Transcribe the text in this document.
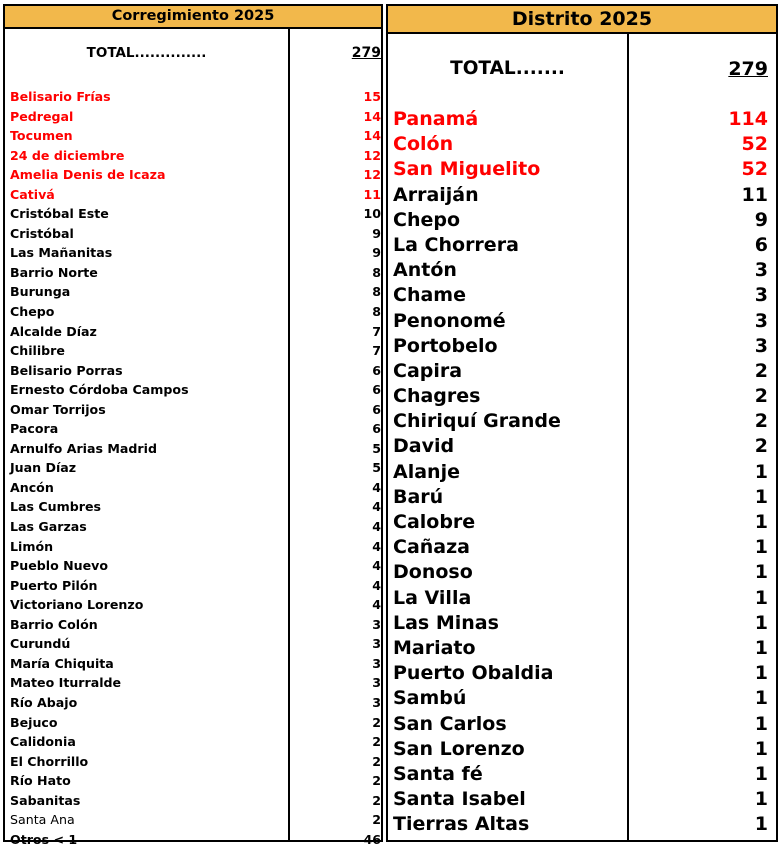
Corregimiento 2025
TOTAL..............	279
Belisario Frías	15
Pedregal	14
Tocumen	14
24 de diciembre	12
Amelia Denis de Icaza	12
Cativá	11
Cristóbal Este	10
Cristóbal	9
Las Mañanitas	9
Barrio Norte	8
Burunga	8
Chepo	8
Alcalde Díaz	7
Chilibre	7
Belisario Porras	6
Ernesto Córdoba Campos	6
Omar Torrijos	6
Pacora	6
Arnulfo Arias Madrid	5
Juan Díaz	5
Ancón	4
Las Cumbres	4
Las Garzas	4
Limón	4
Pueblo Nuevo	4
Puerto Pilón	4
Victoriano Lorenzo	4
Barrio Colón	3
Curundú	3
María Chiquita	3
Mateo Iturralde	3
Río Abajo	3
Bejuco	2
Calidonia	2
El Chorrillo	2
Río Hato	2
Sabanitas	2
Santa Ana	2
Otros < 1	46
Distrito 2025
TOTAL.......	279
Panamá	114
Colón	52
San Miguelito	52
Arraiján	11
Chepo	9
La Chorrera	6
Antón	3
Chame	3
Penonomé	3
Portobelo	3
Capira	2
Chagres	2
Chiriquí Grande	2
David	2
Alanje	1
Barú	1
Calobre	1
Cañaza	1
Donoso	1
La Villa	1
Las Minas	1
Mariato	1
Puerto Obaldia	1
Sambú	1
San Carlos	1
San Lorenzo	1
Santa fé	1
Santa Isabel	1
Tierras Altas	1
